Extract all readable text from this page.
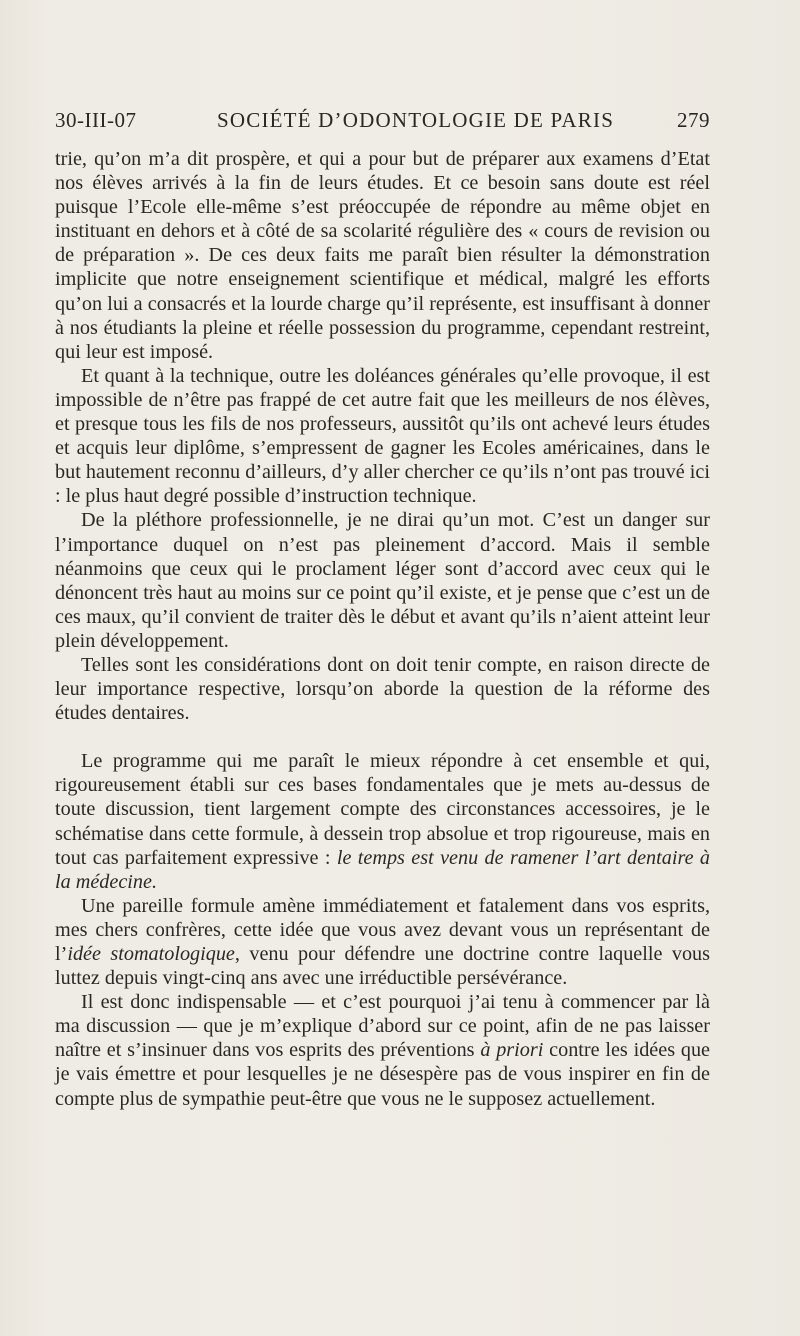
30-III-07	SOCIÉTÉ D’ODONTOLOGIE DE PARIS	279

trie, qu’on m’a dit prospère, et qui a pour but de préparer aux examens d’Etat nos élèves arrivés à la fin de leurs études. Et ce besoin sans doute est réel puisque l’Ecole elle-même s’est préoccupée de répondre au même objet en instituant en dehors et à côté de sa scolarité régulière des « cours de revision ou de préparation ». De ces deux faits me paraît bien résulter la démonstration implicite que notre enseignement scientifique et médical, malgré les efforts qu’on lui a consacrés et la lourde charge qu’il représente, est insuffisant à donner à nos étudiants la pleine et réelle possession du programme, cependant restreint, qui leur est imposé.

Et quant à la technique, outre les doléances générales qu’elle provoque, il est impossible de n’être pas frappé de cet autre fait que les meilleurs de nos élèves, et presque tous les fils de nos professeurs, aussitôt qu’ils ont achevé leurs études et acquis leur diplôme, s’empressent de gagner les Ecoles américaines, dans le but hautement reconnu d’ailleurs, d’y aller chercher ce qu’ils n’ont pas trouvé ici : le plus haut degré possible d’instruction technique.

De la pléthore professionnelle, je ne dirai qu’un mot. C’est un danger sur l’importance duquel on n’est pas pleinement d’accord. Mais il semble néanmoins que ceux qui le proclament léger sont d’accord avec ceux qui le dénoncent très haut au moins sur ce point qu’il existe, et je pense que c’est un de ces maux, qu’il convient de traiter dès le début et avant qu’ils n’aient atteint leur plein développement.

Telles sont les considérations dont on doit tenir compte, en raison directe de leur importance respective, lorsqu’on aborde la question de la réforme des études dentaires.

Le programme qui me paraît le mieux répondre à cet ensemble et qui, rigoureusement établi sur ces bases fondamentales que je mets au-dessus de toute discussion, tient largement compte des circonstances accessoires, je le schématise dans cette formule, à dessein trop absolue et trop rigoureuse, mais en tout cas parfaitement expressive : le temps est venu de ramener l’art dentaire à la médecine.

Une pareille formule amène immédiatement et fatalement dans vos esprits, mes chers confrères, cette idée que vous avez devant vous un représentant de l’idée stomatologique, venu pour défendre une doctrine contre laquelle vous luttez depuis vingt-cinq ans avec une irréductible persévérance.

Il est donc indispensable — et c’est pourquoi j’ai tenu à commencer par là ma discussion — que je m’explique d’abord sur ce point, afin de ne pas laisser naître et s’insinuer dans vos esprits des préventions à priori contre les idées que je vais émettre et pour lesquelles je ne désespère pas de vous inspirer en fin de compte plus de sympathie peut-être que vous ne le supposez actuellement.
